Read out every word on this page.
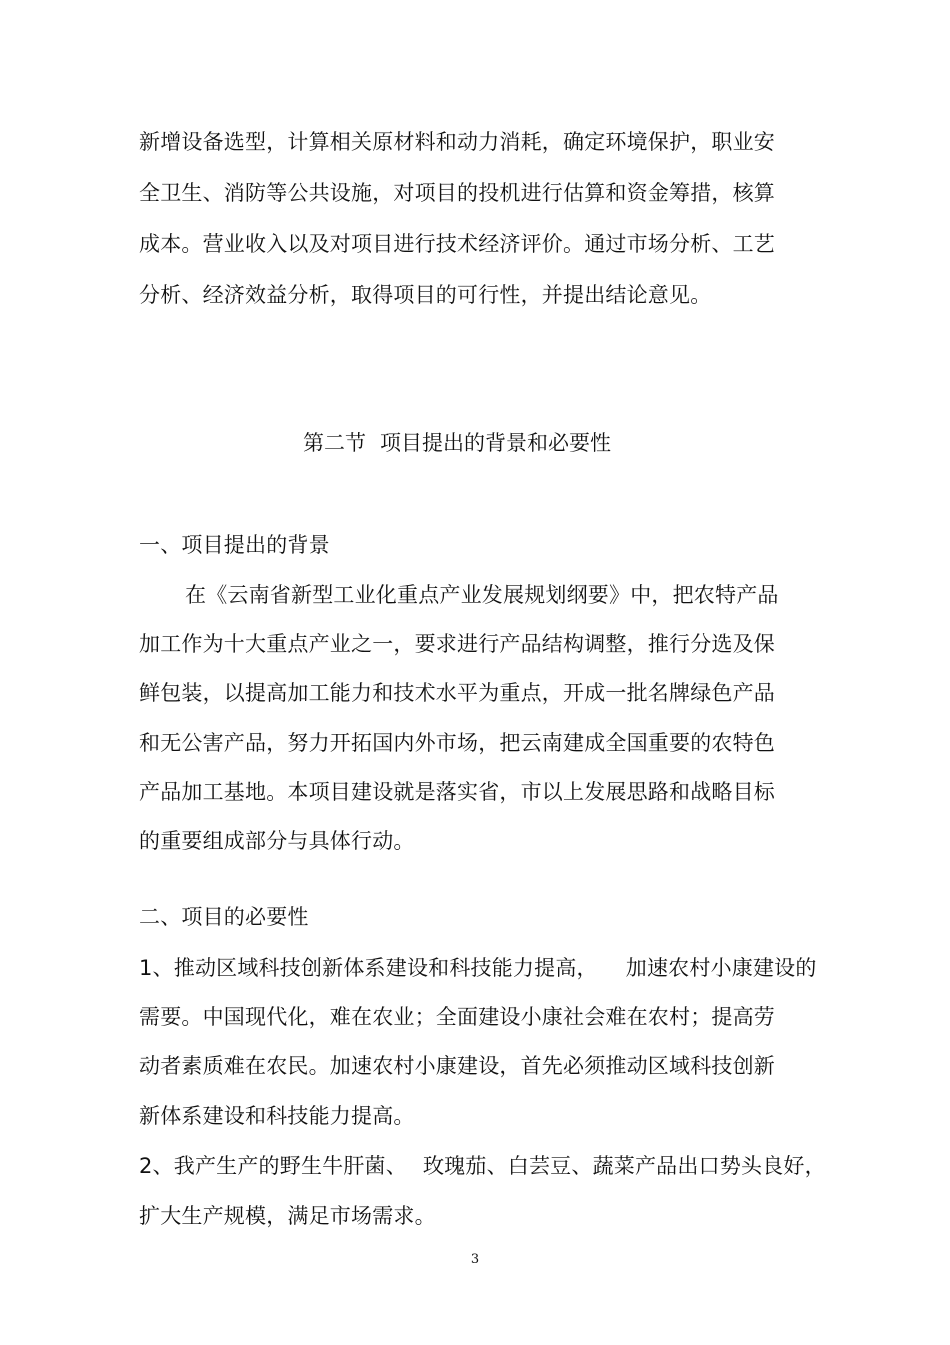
新增设备选型，计算相关原材料和动力消耗，确定环境保护，职业安
全卫生、消防等公共设施，对项目的投机进行估算和资金筹措，核算
成本。营业收入以及对项目进行技术经济评价。通过市场分析、工艺
分析、经济效益分析，取得项目的可行性，并提出结论意见。
第二节 项目提出的背景和必要性
一、项目提出的背景
在《云南省新型工业化重点产业发展规划纲要》中，把农特产品
加工作为十大重点产业之一，要求进行产品结构调整，推行分选及保
鲜包装，以提高加工能力和技术水平为重点，开成一批名牌绿色产品
和无公害产品，努力开拓国内外市场，把云南建成全国重要的农特色
产品加工基地。本项目建设就是落实省，市以上发展思路和战略目标
的重要组成部分与具体行动。
二、项目的必要性
1、推动区域科技创新体系建设和科技能力提高， 加速农村小康建设的
需要。中国现代化，难在农业；全面建设小康社会难在农村；提高劳
动者素质难在农民。加速农村小康建设，首先必须推动区域科技创新
新体系建设和科技能力提高。
2、我产生产的野生牛肝菌、 玫瑰茄、白芸豆、蔬菜产品出口势头良好，
扩大生产规模，满足市场需求。
3
